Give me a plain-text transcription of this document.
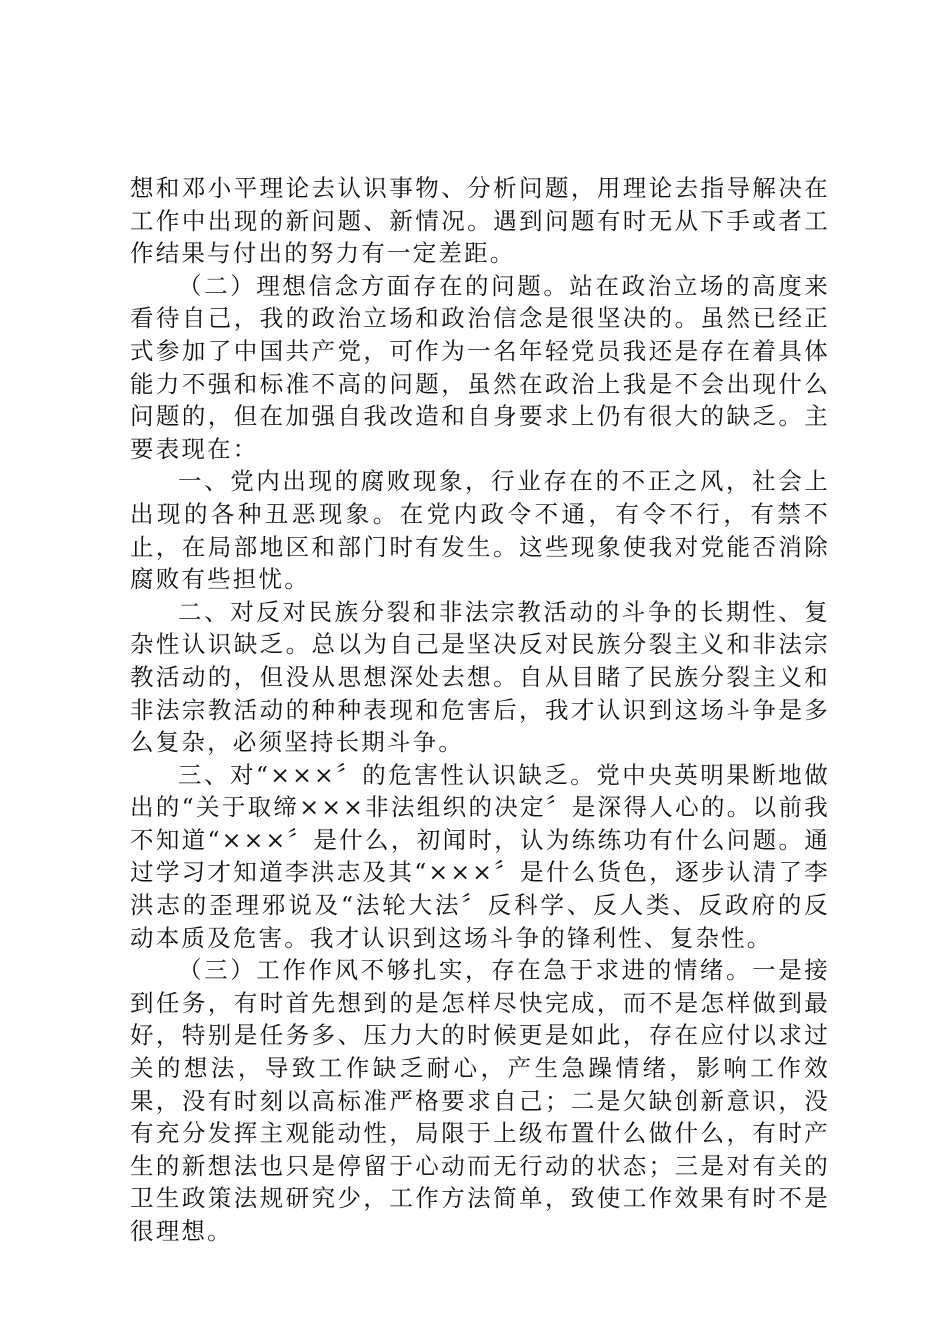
想和邓小平理论去认识事物、分析问题，用理论去指导解决在工作中出现的新问题、新情况。遇到问题有时无从下手或者工作结果与付出的努力有一定差距。

（二）理想信念方面存在的问题。站在政治立场的高度来看待自己，我的政治立场和政治信念是很坚决的。虽然已经正式参加了中国共产党，可作为一名年轻党员我还是存在着具体能力不强和标准不高的问题，虽然在政治上我是不会出现什么问题的，但在加强自我改造和自身要求上仍有很大的缺乏。主要表现在：

一、党内出现的腐败现象，行业存在的不正之风，社会上出现的各种丑恶现象。在党内政令不通，有令不行，有禁不止，在局部地区和部门时有发生。这些现象使我对党能否消除腐败有些担忧。

二、对反对民族分裂和非法宗教活动的斗争的长期性、复杂性认识缺乏。总以为自己是坚决反对民族分裂主义和非法宗教活动的，但没从思想深处去想。自从目睹了民族分裂主义和非法宗教活动的种种表现和危害后，我才认识到这场斗争是多么复杂，必须坚持长期斗争。

三、对“×××〞的危害性认识缺乏。党中央英明果断地做出的“关于取缔×××非法组织的决定〞是深得人心的。以前我不知道“×××〞是什么，初闻时，认为练练功有什么问题。通过学习才知道李洪志及其“×××〞是什么货色，逐步认清了李洪志的歪理邪说及“法轮大法〞反科学、反人类、反政府的反动本质及危害。我才认识到这场斗争的锋利性、复杂性。

（三）工作作风不够扎实，存在急于求进的情绪。一是接到任务，有时首先想到的是怎样尽快完成，而不是怎样做到最好，特别是任务多、压力大的时候更是如此，存在应付以求过关的想法，导致工作缺乏耐心，产生急躁情绪，影响工作效果，没有时刻以高标准严格要求自己；二是欠缺创新意识，没有充分发挥主观能动性，局限于上级布置什么做什么，有时产生的新想法也只是停留于心动而无行动的状态；三是对有关的卫生政策法规研究少，工作方法简单，致使工作效果有时不是很理想。
